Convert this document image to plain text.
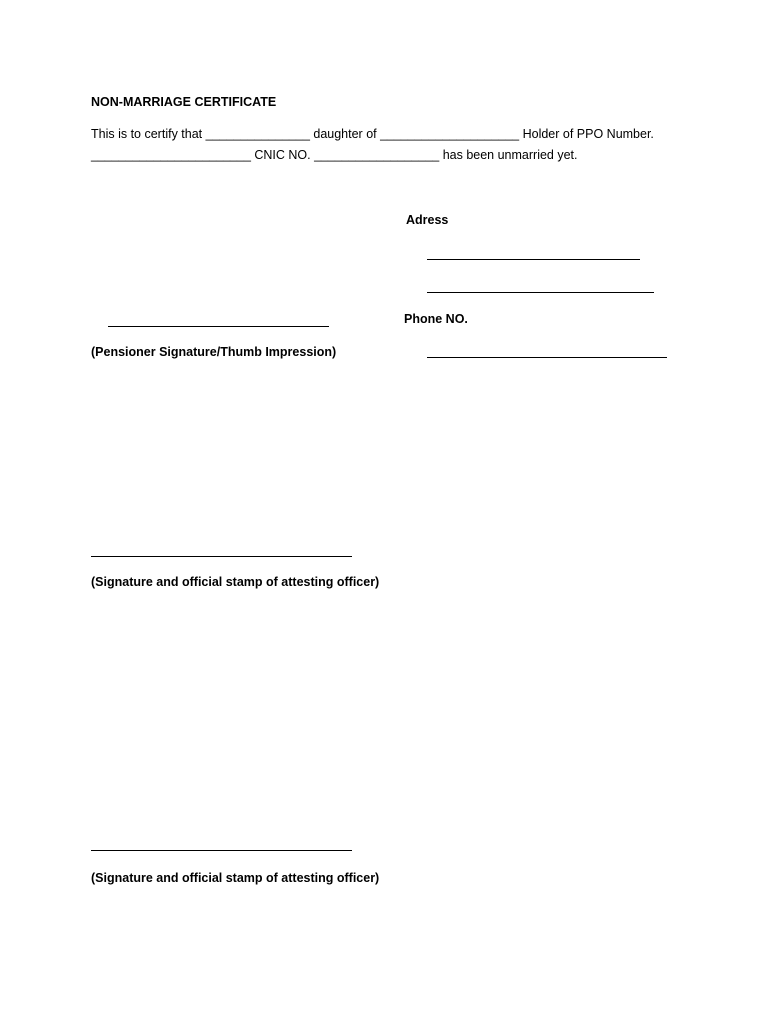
NON-MARRIAGE CERTIFICATE
This is to certify that _______________ daughter of ____________________ Holder of PPO Number.
_______________________ CNIC NO. __________________ has been unmarried yet.
Adress
Phone NO.
(Pensioner Signature/Thumb Impression)
(Signature and official stamp of attesting officer)
(Signature and official stamp of attesting officer)
